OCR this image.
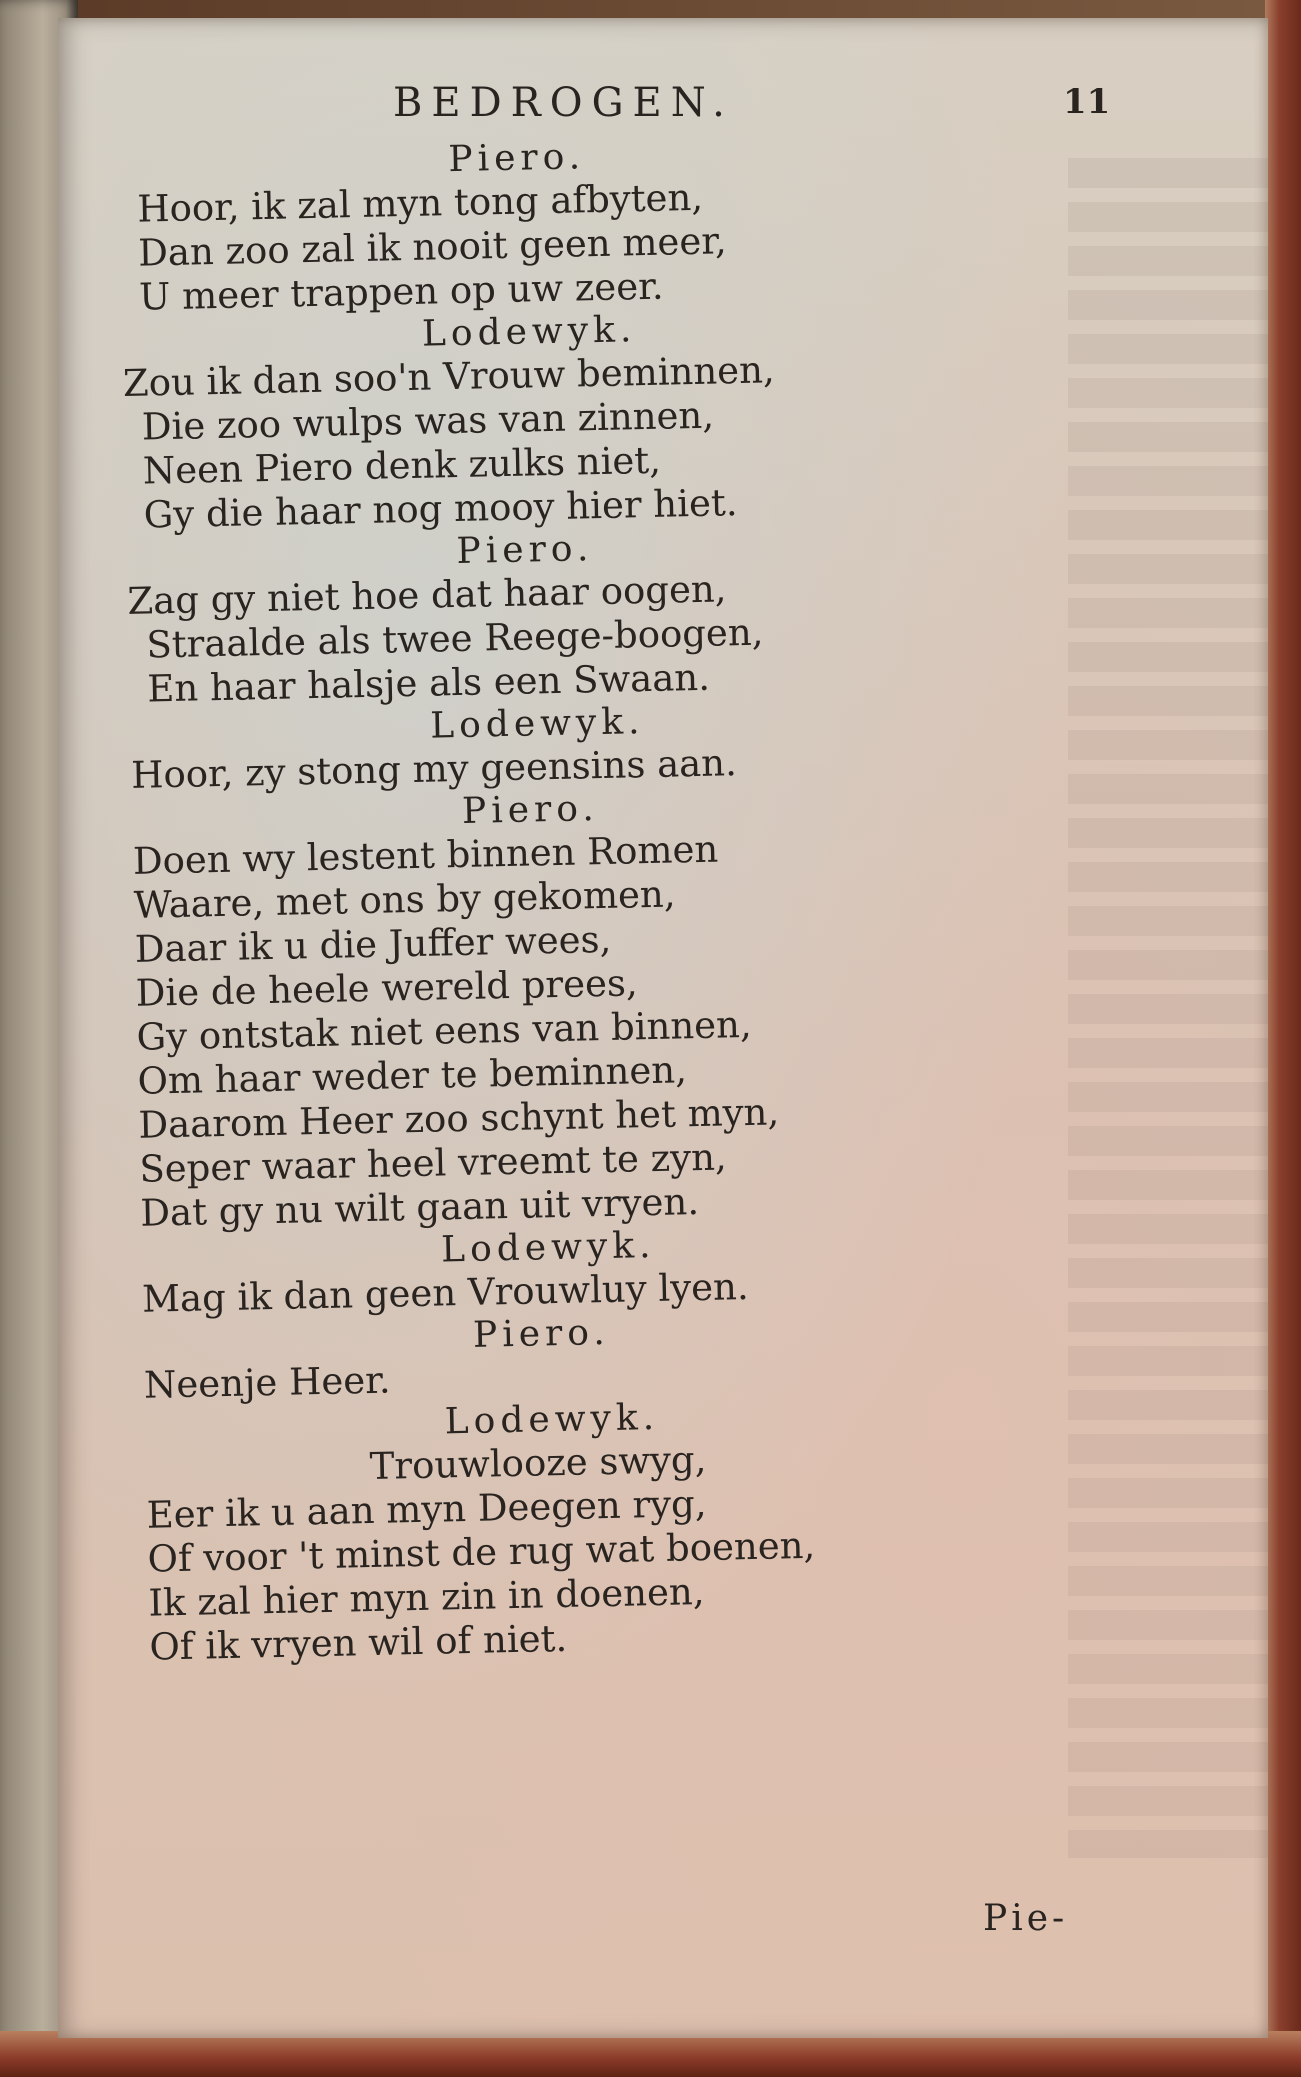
BEDROGEN.	11

Piero.

Hoor, ik zal myn tong afbyten,

Dan zoo zal ik nooit geen meer,

U meer trappen op uw zeer.

Lodewyk.

Zou ik dan soo'n Vrouw beminnen,

Die zoo wulps was van zinnen,

Neen Piero denk zulks niet,

Gy die haar nog mooy hier hiet.

Piero.

Zag gy niet hoe dat haar oogen,

Straalde als twee Reege-boogen,

En haar halsje als een Swaan.

Lodewyk.

Hoor, zy stong my geensins aan.

Piero.

Doen wy lestent binnen Romen

Waare, met ons by gekomen,

Daar ik u die Juffer wees,

Die de heele wereld prees,

Gy ontstak niet eens van binnen,

Om haar weder te beminnen,

Daarom Heer zoo schynt het myn,

Seper waar heel vreemt te zyn,

Dat gy nu wilt gaan uit vryen.

Lodewyk.

Mag ik dan geen Vrouwluy lyen.

Piero.

Neenje Heer.

Lodewyk.

Trouwlooze swyg,

Eer ik u aan myn Deegen ryg,

Of voor 't minst de rug wat boenen,

Ik zal hier myn zin in doenen,

Of ik vryen wil of niet.

Pie-
